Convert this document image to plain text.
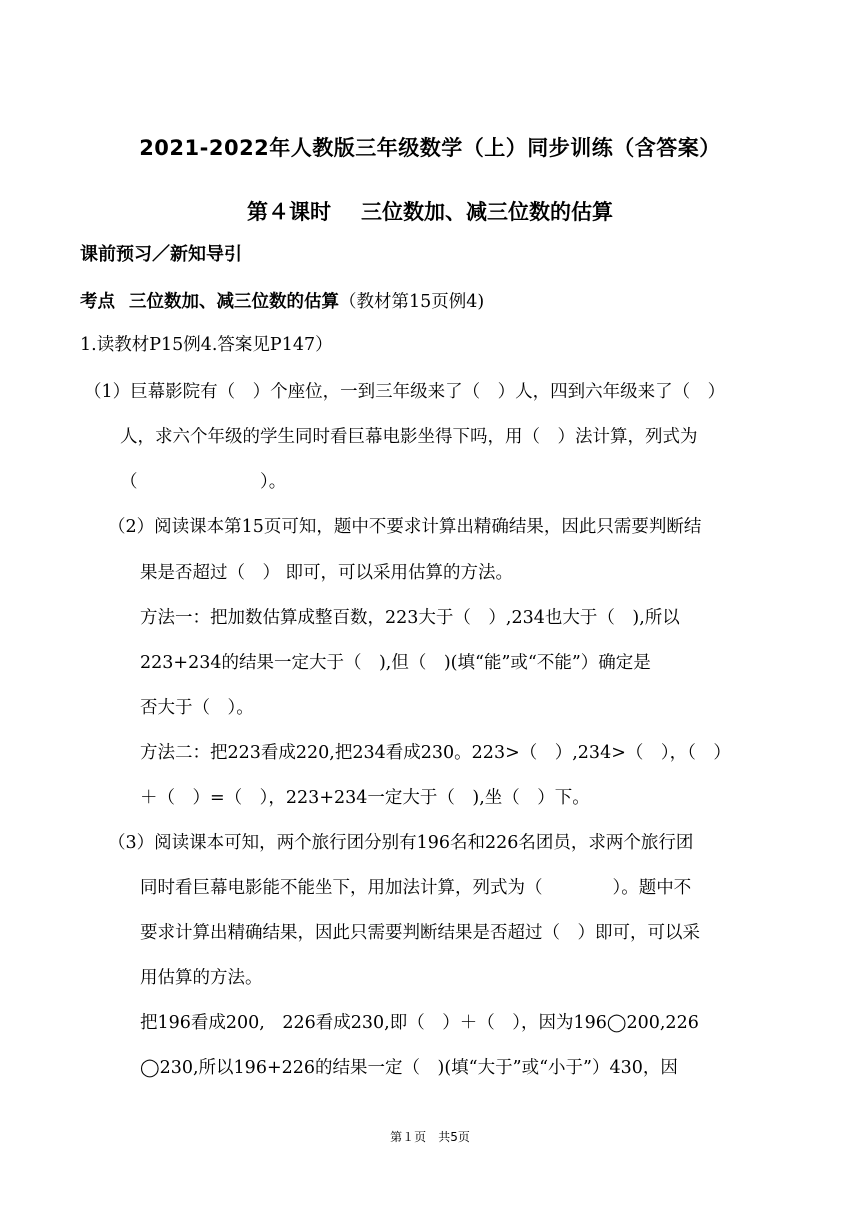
2021-2022年人教版三年级数学（上）同步训练（含答案）
第４课时 三位数加、减三位数的估算
课前预习／新知导引
考点 三位数加、减三位数的估算（教材第15页例4)
1.读教材P15例4.答案见P147）
（1）巨幕影院有（　）个座位，一到三年级来了（　）人，四到六年级来了（　）
人，求六个年级的学生同时看巨幕电影坐得下吗，用（　）法计算，列式为
（　　　　　　　）。
（2）阅读课本第15页可知，题中不要求计算出精确结果，因此只需要判断结
果是否超过（　） 即可，可以采用估算的方法。
方法一：把加数估算成整百数，223大于（　）,234也大于（　),所以
223+234的结果一定大于（　),但（　)(填“能”或“不能”）确定是
否大于（　）。
方法二：把223看成220,把234看成230。223>（　）,234>（　），（　）
＋（　）=（　），223+234一定大于（　),坐（　）下。
（3）阅读课本可知，两个旅行团分别有196名和226名团员，求两个旅行团
同时看巨幕电影能不能坐下，用加法计算，列式为（　　　　）。题中不
要求计算出精确结果，因此只需要判断结果是否超过（　）即可，可以采
用估算的方法。
把196看成200,　226看成230,即（　）＋（　），因为196◯200,226
◯230,所以196+226的结果一定（　)(填“大于”或“小于”）430，因
第１页 共5页
